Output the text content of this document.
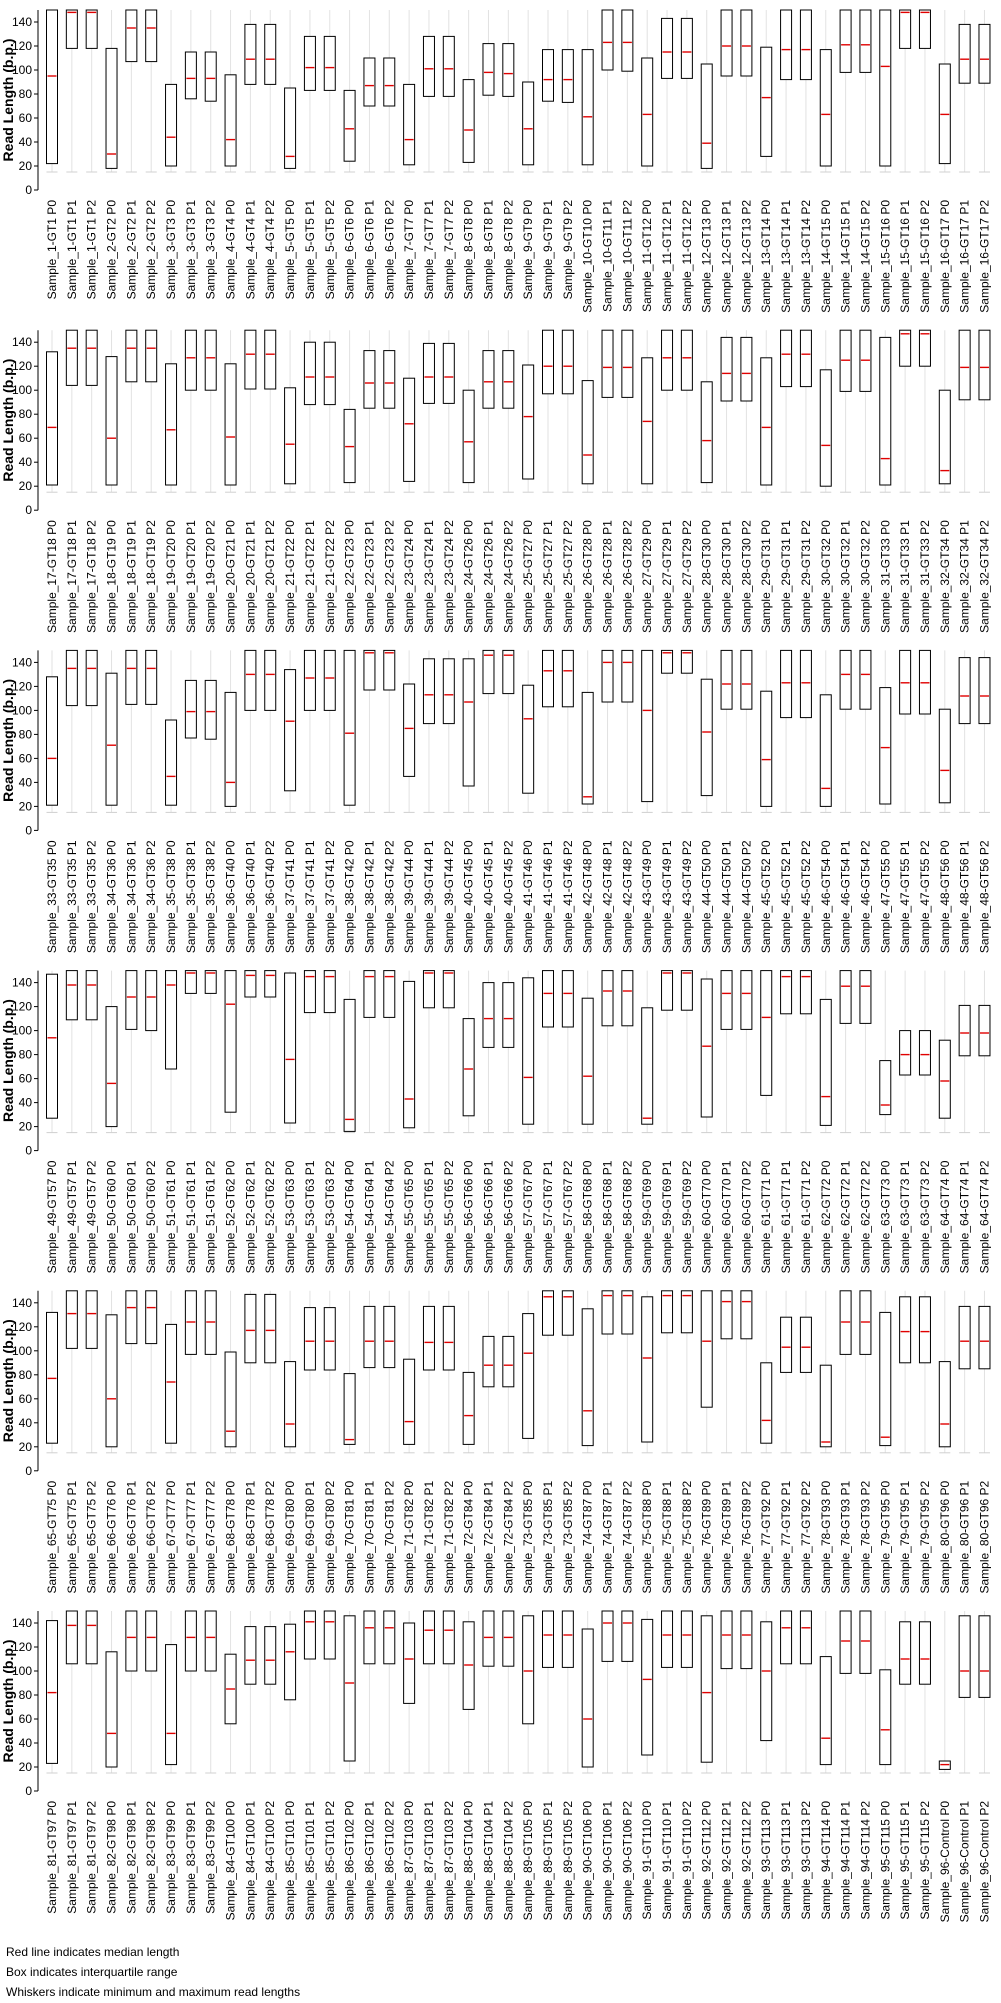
0
20
40
60
80
100
120
140
Read Length (b.p.)
Sample_1-GT1 P0 Sample_1-GT1 P1 Sample_1-GT1 P2 Sample_2-GT2 P0 Sample_2-GT2 P1 Sample_2-GT2 P2 Sample_3-GT3 P0 Sample_3-GT3 P1 Sample_3-GT3 P2 Sample_4-GT4 P0 Sample_4-GT4 P1 Sample_4-GT4 P2 Sample_5-GT5 P0 Sample_5-GT5 P1 Sample_5-GT5 P2 Sample_6-GT6 P0 Sample_6-GT6 P1 Sample_6-GT6 P2 Sample_7-GT7 P0 Sample_7-GT7 P1 Sample_7-GT7 P2 Sample_8-GT8 P0 Sample_8-GT8 P1 Sample_8-GT8 P2 Sample_9-GT9 P0 Sample_9-GT9 P1 Sample_9-GT9 P2 Sample_10-GT10 P0 Sample_10-GT11 P1 Sample_10-GT11 P2 Sample_11-GT12 P0 Sample_11-GT12 P1 Sample_11-GT12 P2 Sample_12-GT13 P0 Sample_12-GT13 P1 Sample_12-GT13 P2 Sample_13-GT14 P0 Sample_13-GT14 P1 Sample_13-GT14 P2 Sample_14-GT15 P0 Sample_14-GT15 P1 Sample_14-GT15 P2 Sample_15-GT16 P0 Sample_15-GT16 P1 Sample_15-GT16 P2 Sample_16-GT17 P0 Sample_16-GT17 P1 Sample_16-GT17 P2
0
20
40
60
80
100
120
140
Read Length (b.p.)
Sample_17-GT18 P0 Sample_17-GT18 P1 Sample_17-GT18 P2 Sample_18-GT19 P0 Sample_18-GT19 P1 Sample_18-GT19 P2 Sample_19-GT20 P0 Sample_19-GT20 P1 Sample_19-GT20 P2 Sample_20-GT21 P0 Sample_20-GT21 P1 Sample_20-GT21 P2 Sample_21-GT22 P0 Sample_21-GT22 P1 Sample_21-GT22 P2 Sample_22-GT23 P0 Sample_22-GT23 P1 Sample_22-GT23 P2 Sample_23-GT24 P0 Sample_23-GT24 P1 Sample_23-GT24 P2 Sample_24-GT26 P0 Sample_24-GT26 P1 Sample_24-GT26 P2 Sample_25-GT27 P0 Sample_25-GT27 P1 Sample_25-GT27 P2 Sample_26-GT28 P0 Sample_26-GT28 P1 Sample_26-GT28 P2 Sample_27-GT29 P0 Sample_27-GT29 P1 Sample_27-GT29 P2 Sample_28-GT30 P0 Sample_28-GT30 P1 Sample_28-GT30 P2 Sample_29-GT31 P0 Sample_29-GT31 P1 Sample_29-GT31 P2 Sample_30-GT32 P0 Sample_30-GT32 P1 Sample_30-GT32 P2 Sample_31-GT33 P0 Sample_31-GT33 P1 Sample_31-GT33 P2 Sample_32-GT34 P0 Sample_32-GT34 P1 Sample_32-GT34 P2
0
20
40
60
80
100
120
140
Read Length (b.p.)
Sample_33-GT35 P0 Sample_33-GT35 P1 Sample_33-GT35 P2 Sample_34-GT36 P0 Sample_34-GT36 P1 Sample_34-GT36 P2 Sample_35-GT38 P0 Sample_35-GT38 P1 Sample_35-GT38 P2 Sample_36-GT40 P0 Sample_36-GT40 P1 Sample_36-GT40 P2 Sample_37-GT41 P0 Sample_37-GT41 P1 Sample_37-GT41 P2 Sample_38-GT42 P0 Sample_38-GT42 P1 Sample_38-GT42 P2 Sample_39-GT44 P0 Sample_39-GT44 P1 Sample_39-GT44 P2 Sample_40-GT45 P0 Sample_40-GT45 P1 Sample_40-GT45 P2 Sample_41-GT46 P0 Sample_41-GT46 P1 Sample_41-GT46 P2 Sample_42-GT48 P0 Sample_42-GT48 P1 Sample_42-GT48 P2 Sample_43-GT49 P0 Sample_43-GT49 P1 Sample_43-GT49 P2 Sample_44-GT50 P0 Sample_44-GT50 P1 Sample_44-GT50 P2 Sample_45-GT52 P0 Sample_45-GT52 P1 Sample_45-GT52 P2 Sample_46-GT54 P0 Sample_46-GT54 P1 Sample_46-GT54 P2 Sample_47-GT55 P0 Sample_47-GT55 P1 Sample_47-GT55 P2 Sample_48-GT56 P0 Sample_48-GT56 P1 Sample_48-GT56 P2
0
20
40
60
80
100
120
140
Read Length (b.p.)
Sample_49-GT57 P0 Sample_49-GT57 P1 Sample_49-GT57 P2 Sample_50-GT60 P0 Sample_50-GT60 P1 Sample_50-GT60 P2 Sample_51-GT61 P0 Sample_51-GT61 P1 Sample_51-GT61 P2 Sample_52-GT62 P0 Sample_52-GT62 P1 Sample_52-GT62 P2 Sample_53-GT63 P0 Sample_53-GT63 P1 Sample_53-GT63 P2 Sample_54-GT64 P0 Sample_54-GT64 P1 Sample_54-GT64 P2 Sample_55-GT65 P0 Sample_55-GT65 P1 Sample_55-GT65 P2 Sample_56-GT66 P0 Sample_56-GT66 P1 Sample_56-GT66 P2 Sample_57-GT67 P0 Sample_57-GT67 P1 Sample_57-GT67 P2 Sample_58-GT68 P0 Sample_58-GT68 P1 Sample_58-GT68 P2 Sample_59-GT69 P0 Sample_59-GT69 P1 Sample_59-GT69 P2 Sample_60-GT70 P0 Sample_60-GT70 P1 Sample_60-GT70 P2 Sample_61-GT71 P0 Sample_61-GT71 P1 Sample_61-GT71 P2 Sample_62-GT72 P0 Sample_62-GT72 P1 Sample_62-GT72 P2 Sample_63-GT73 P0 Sample_63-GT73 P1 Sample_63-GT73 P2 Sample_64-GT74 P0 Sample_64-GT74 P1 Sample_64-GT74 P2
0
20
40
60
80
100
120
140
Read Length (b.p.)
Sample_65-GT75 P0 Sample_65-GT75 P1 Sample_65-GT75 P2 Sample_66-GT76 P0 Sample_66-GT76 P1 Sample_66-GT76 P2 Sample_67-GT77 P0 Sample_67-GT77 P1 Sample_67-GT77 P2 Sample_68-GT78 P0 Sample_68-GT78 P1 Sample_68-GT78 P2 Sample_69-GT80 P0 Sample_69-GT80 P1 Sample_69-GT80 P2 Sample_70-GT81 P0 Sample_70-GT81 P1 Sample_70-GT81 P2 Sample_71-GT82 P0 Sample_71-GT82 P1 Sample_71-GT82 P2 Sample_72-GT84 P0 Sample_72-GT84 P1 Sample_72-GT84 P2 Sample_73-GT85 P0 Sample_73-GT85 P1 Sample_73-GT85 P2 Sample_74-GT87 P0 Sample_74-GT87 P1 Sample_74-GT87 P2 Sample_75-GT88 P0 Sample_75-GT88 P1 Sample_75-GT88 P2 Sample_76-GT89 P0 Sample_76-GT89 P1 Sample_76-GT89 P2 Sample_77-GT92 P0 Sample_77-GT92 P1 Sample_77-GT92 P2 Sample_78-GT93 P0 Sample_78-GT93 P1 Sample_78-GT93 P2 Sample_79-GT95 P0 Sample_79-GT95 P1 Sample_79-GT95 P2 Sample_80-GT96 P0 Sample_80-GT96 P1 Sample_80-GT96 P2
0
20
40
60
80
100
120
140
Read Length (b.p.)
Sample_81-GT97 P0 Sample_81-GT97 P1 Sample_81-GT97 P2 Sample_82-GT98 P0 Sample_82-GT98 P1 Sample_82-GT98 P2 Sample_83-GT99 P0 Sample_83-GT99 P1 Sample_83-GT99 P2 Sample_84-GT100 P0 Sample_84-GT100 P1 Sample_84-GT100 P2 Sample_85-GT101 P0 Sample_85-GT101 P1 Sample_85-GT101 P2 Sample_86-GT102 P0 Sample_86-GT102 P1 Sample_86-GT102 P2 Sample_87-GT103 P0 Sample_87-GT103 P1 Sample_87-GT103 P2 Sample_88-GT104 P0 Sample_88-GT104 P1 Sample_88-GT104 P2 Sample_89-GT105 P0 Sample_89-GT105 P1 Sample_89-GT105 P2 Sample_90-GT106 P0 Sample_90-GT106 P1 Sample_90-GT106 P2 Sample_91-GT110 P0 Sample_91-GT110 P1 Sample_91-GT110 P2 Sample_92-GT112 P0 Sample_92-GT112 P1 Sample_92-GT112 P2 Sample_93-GT113 P0 Sample_93-GT113 P1 Sample_93-GT113 P2 Sample_94-GT114 P0 Sample_94-GT114 P1 Sample_94-GT114 P2 Sample_95-GT115 P0 Sample_95-GT115 P1 Sample_95-GT115 P2 Sample_96-Control P0 Sample_96-Control P1 Sample_96-Control P2
Red line indicates median length
Box indicates interquartile range
Whiskers indicate minimum and maximum read lengths
